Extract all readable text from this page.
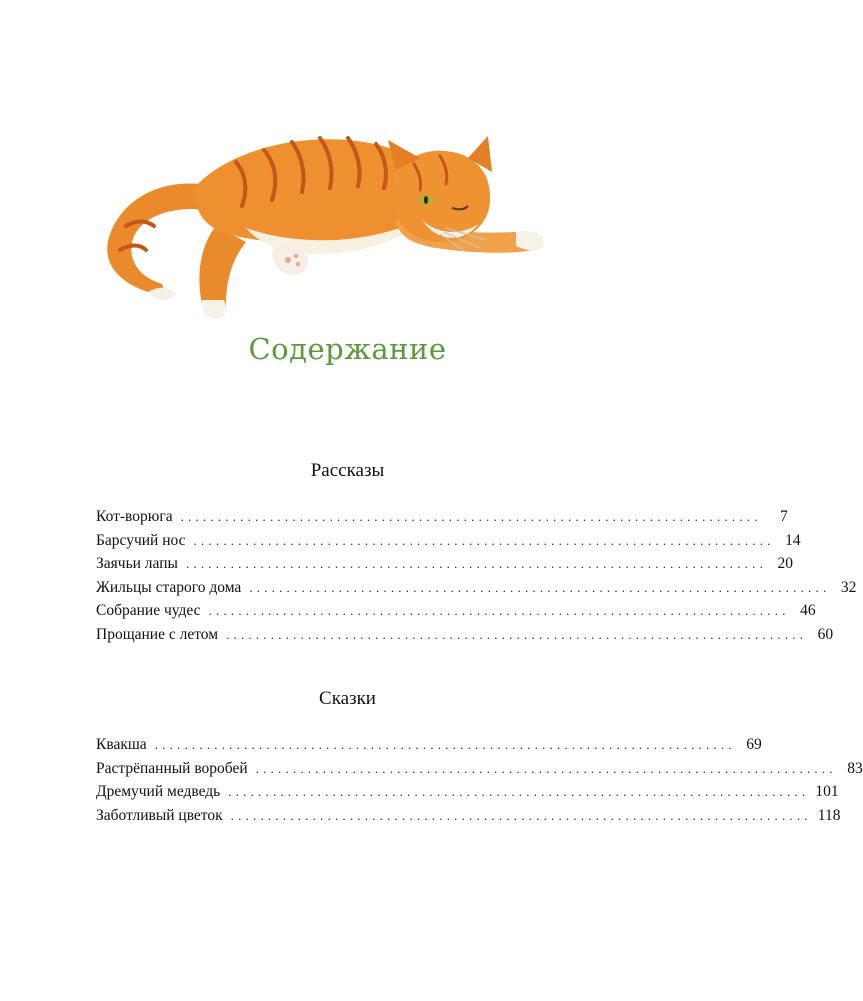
Содержание
Рассказы
Кот-ворюга ..............................................................................	7
Барсучий нос .............................................................................. 14
Заячьи лапы .............................................................................. 20
Жильцы старого дома .............................................................................. 32
Собрание чудес .............................................................................. 46
Прощание с летом .............................................................................. 60
Сказки
Квакша .............................................................................. 69
Растрёпанный воробей .............................................................................. 83
Дремучий медведь .............................................................................. 101
Заботливый цветок .............................................................................. 118
